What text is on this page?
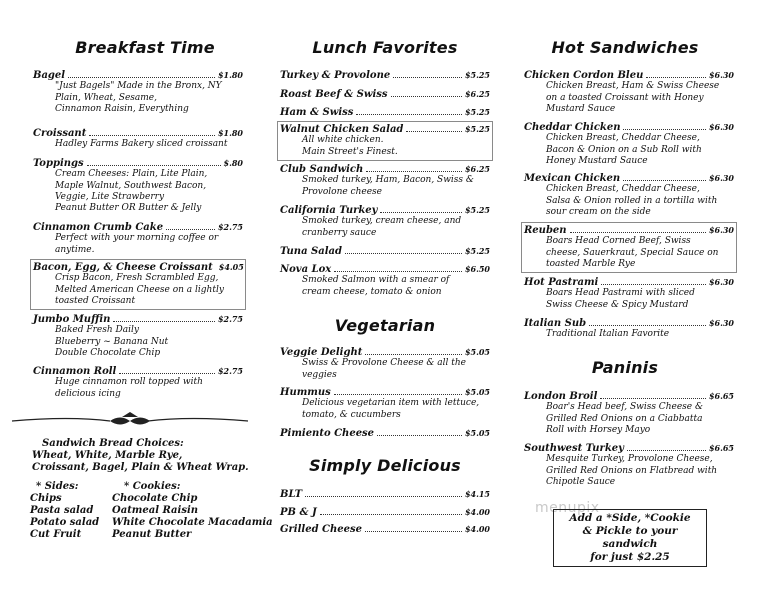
Breakfast Time
Bagel	$1.80
"Just Bagels" Made in the Bronx, NY
Plain, Wheat, Sesame,
Cinnamon Raisin, Everything
Croissant	$1.80
Hadley Farms Bakery sliced croissant
Toppings	$.80
Cream Cheeses: Plain, Lite Plain,
Maple Walnut, Southwest Bacon,
Veggie, Lite Strawberry
Peanut Butter OR Butter & Jelly
Cinnamon Crumb Cake	$2.75
Perfect with your morning coffee or
anytime.
Bacon, Egg, & Cheese Croissant $4.05
Crisp Bacon, Fresh Scrambled Egg,
Melted American Cheese on a lightly
toasted Croissant
Jumbo Muffin	$2.75
Baked Fresh Daily
Blueberry ~ Banana Nut
Double Chocolate Chip
Cinnamon Roll	$2.75
Huge cinnamon roll topped with
delicious icing
Sandwich Bread Choices:
Wheat, White, Marble Rye,
Croissant, Bagel, Plain & Wheat Wrap.
* Sides:
Chips
Pasta salad
Potato salad
Cut Fruit
* Cookies:
Chocolate Chip
Oatmeal Raisin
White Chocolate Macadamia
Peanut Butter
Lunch Favorites
Turkey & Provolone	$5.25
Roast Beef & Swiss	$6.25
Ham & Swiss	$5.25
Walnut Chicken Salad	$5.25
All white chicken.
Main Street's Finest.
Club Sandwich	$6.25
Smoked turkey, Ham, Bacon, Swiss &
Provolone cheese
California Turkey	$5.25
Smoked turkey, cream cheese, and
cranberry sauce
Tuna Salad	$5.25
Nova Lox	$6.50
Smoked Salmon with a smear of
cream cheese, tomato & onion
Vegetarian
Veggie Delight	$5.05
Swiss & Provolone Cheese & all the
veggies
Hummus	$5.05
Delicious vegetarian item with lettuce,
tomato, & cucumbers
Pimiento Cheese	$5.05
Simply Delicious
BLT	$4.15
PB & J	$4.00
Grilled Cheese	$4.00
Hot Sandwiches
Chicken Cordon Bleu	$6.30
Chicken Breast, Ham & Swiss Cheese
on a toasted Croissant with Honey
Mustard Sauce
Cheddar Chicken	$6.30
Chicken Breast, Cheddar Cheese,
Bacon & Onion on a Sub Roll with
Honey Mustard Sauce
Mexican Chicken	$6.30
Chicken Breast, Cheddar Cheese,
Salsa & Onion rolled in a tortilla with
sour cream on the side
Reuben	$6.30
Boars Head Corned Beef, Swiss
cheese, Sauerkraut, Special Sauce on
toasted Marble Rye
Hot Pastrami	$6.30
Boars Head Pastrami with sliced
Swiss Cheese & Spicy Mustard
Italian Sub	$6.30
Traditional Italian Favorite
Paninis
London Broil	$6.65
Boar's Head beef, Swiss Cheese &
Grilled Red Onions on a Ciabbatta
Roll with Horsey Mayo
Southwest Turkey	$6.65
Mesquite Turkey, Provolone Cheese,
Grilled Red Onions on Flatbread with
Chipotle Sauce
menupix
Add a *Side, *Cookie
& Pickle to your sandwich
for just $2.25
